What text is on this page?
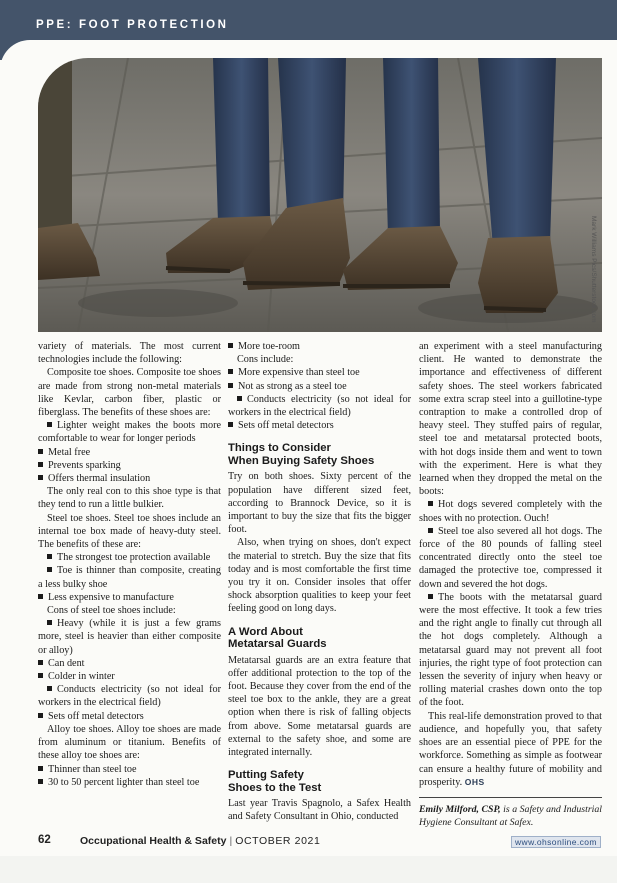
PPE: FOOT PROTECTION
Mark Williams Pics/Shutterstock.com

variety of materials. The most current technologies include the following:

Composite toe shoes. Composite toe shoes are made from strong non-metal materials like Kevlar, carbon fiber, plastic or fiberglass. The benefits of these shoes are:

Lighter weight makes the boots more comfortable to wear for longer periods
Metal free
Prevents sparking
Offers thermal insulation

The only real con to this shoe type is that they tend to run a little bulkier.

Steel toe shoes. Steel toe shoes include an internal toe box made of heavy-duty steel. The benefits of these are:

The strongest toe protection available
Toe is thinner than composite, creating a less bulky shoe
Less expensive to manufacture

Cons of steel toe shoes include:

Heavy (while it is just a few grams more, steel is heavier than either composite or alloy)
Can dent
Colder in winter
Conducts electricity (so not ideal for workers in the electrical field)
Sets off metal detectors

Alloy toe shoes. Alloy toe shoes are made from aluminum or titanium. Benefits of these alloy toe shoes are:

Thinner than steel toe
30 to 50 percent lighter than steel toe
More toe-room

Cons include:

More expensive than steel toe
Not as strong as a steel toe
Conducts electricity (so not ideal for workers in the electrical field)
Sets off metal detectors
Things to Consider
When Buying Safety Shoes

Try on both shoes. Sixty percent of the population have different sized feet, according to Brannock Device, so it is important to buy the size that fits the bigger foot.

Also, when trying on shoes, don't expect the material to stretch. Buy the size that fits today and is most comfortable the first time you try it on. Consider insoles that offer shock absorption qualities to keep your feet feeling good on long days.

A Word About
Metatarsal Guards

Metatarsal guards are an extra feature that offer additional protection to the top of the foot. Because they cover from the end of the steel toe box to the ankle, they are a great option when there is risk of falling objects from above. Some metatarsal guards are external to the safety shoe, and some are integrated internally.

Putting Safety
Shoes to the Test

Last year Travis Spagnolo, a Safex Health and Safety Consultant in Ohio, conducted

an experiment with a steel manufacturing client. He wanted to demonstrate the importance and effectiveness of different safety shoes. The steel workers fabricated some extra scrap steel into a guillotine-type contraption to make a controlled drop of heavy steel. They stuffed pairs of regular, steel toe and metatarsal protected boots, with hot dogs inside them and went to town with the experiment. Here is what they learned when they dropped the metal on the boots:

Hot dogs severed completely with the shoes with no protection. Ouch!
Steel toe also severed all hot dogs. The force of the 80 pounds of falling steel concentrated directly onto the steel toe damaged the protective toe, compressed it down and severed the hot dogs.
The boots with the metatarsal guard were the most effective. It took a few tries and the right angle to finally cut through all the hot dogs completely. Although a metatarsal guard may not prevent all foot injuries, the right type of foot protection can lessen the severity of injury when heavy or rolling material crashes down onto the top of the foot.

This real-life demonstration proved to that audience, and hopefully you, that safety shoes are an essential piece of PPE for the workforce. Something as simple as footwear can ensure a healthy future of mobility and prosperity. OHS

Emily Milford, CSP, is a Safety and Industrial Hygiene Consultant at Safex.

62	Occupational Health & Safety | OCTOBER 2021	www.ohsonline.com
